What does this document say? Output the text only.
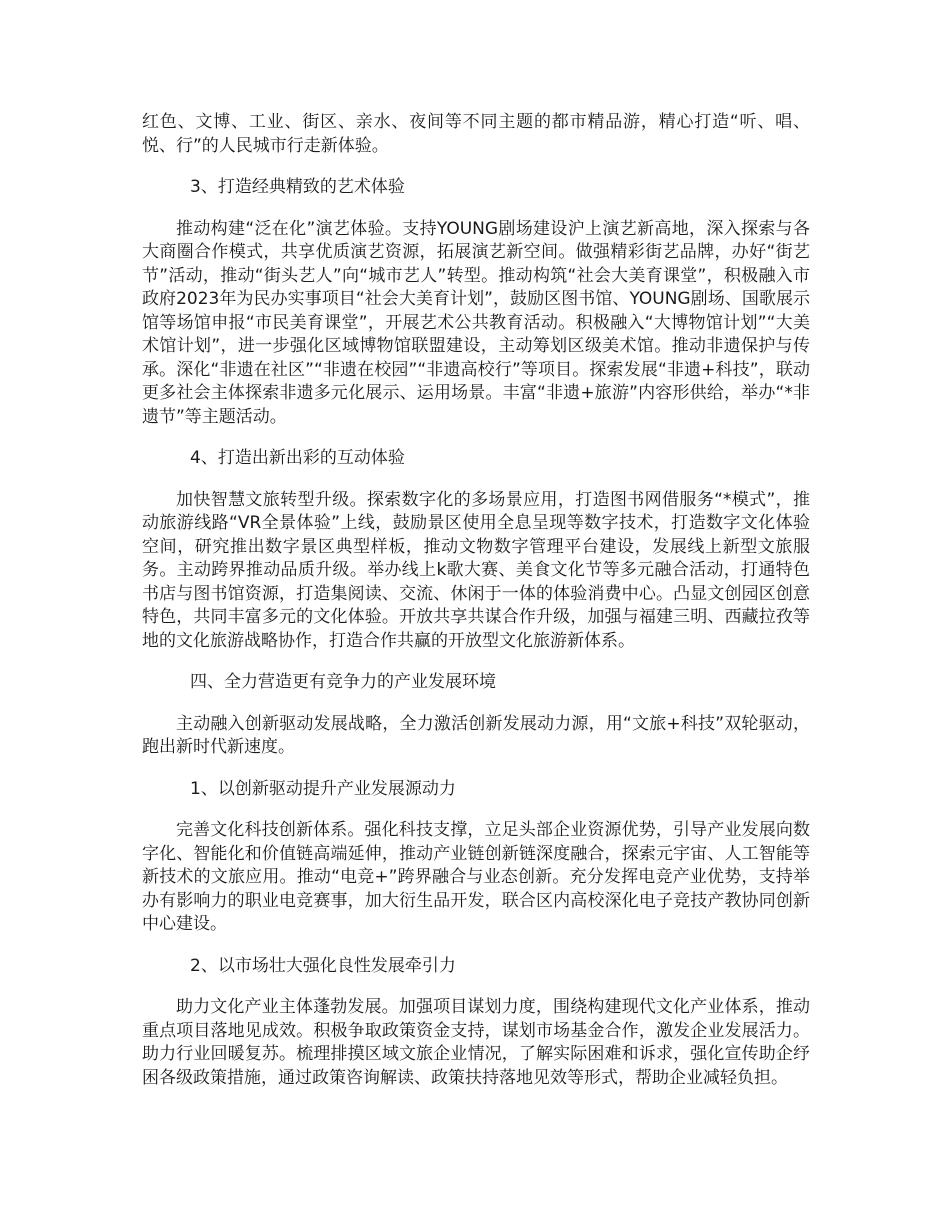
红色、文博、工业、街区、亲水、夜间等不同主题的都市精品游，精心打造“听、唱、悦、行”的人民城市行走新体验。

3、打造经典精致的艺术体验

推动构建“泛在化”演艺体验。支持YOUNG剧场建设沪上演艺新高地，深入探索与各大商圈合作模式，共享优质演艺资源，拓展演艺新空间。做强精彩街艺品牌，办好“街艺节”活动，推动“街头艺人”向“城市艺人”转型。推动构筑“社会大美育课堂”，积极融入市政府2023年为民办实事项目“社会大美育计划”，鼓励区图书馆、YOUNG剧场、国歌展示馆等场馆申报“市民美育课堂”，开展艺术公共教育活动。积极融入“大博物馆计划”“大美术馆计划”，进一步强化区域博物馆联盟建设，主动筹划区级美术馆。推动非遗保护与传承。深化“非遗在社区”“非遗在校园”“非遗高校行”等项目。探索发展“非遗+科技”，联动更多社会主体探索非遗多元化展示、运用场景。丰富“非遗+旅游”内容形供给，举办“*非遗节”等主题活动。

4、打造出新出彩的互动体验

加快智慧文旅转型升级。探索数字化的多场景应用，打造图书网借服务“*模式”，推动旅游线路“VR全景体验”上线，鼓励景区使用全息呈现等数字技术，打造数字文化体验空间，研究推出数字景区典型样板，推动文物数字管理平台建设，发展线上新型文旅服务。主动跨界推动品质升级。举办线上k歌大赛、美食文化节等多元融合活动，打通特色书店与图书馆资源，打造集阅读、交流、休闲于一体的体验消费中心。凸显文创园区创意特色，共同丰富多元的文化体验。开放共享共谋合作升级，加强与福建三明、西藏拉孜等地的文化旅游战略协作，打造合作共赢的开放型文化旅游新体系。

四、全力营造更有竞争力的产业发展环境

主动融入创新驱动发展战略，全力激活创新发展动力源，用“文旅+科技”双轮驱动，跑出新时代新速度。

1、以创新驱动提升产业发展源动力

完善文化科技创新体系。强化科技支撑，立足头部企业资源优势，引导产业发展向数字化、智能化和价值链高端延伸，推动产业链创新链深度融合，探索元宇宙、人工智能等新技术的文旅应用。推动“电竞+”跨界融合与业态创新。充分发挥电竞产业优势，支持举办有影响力的职业电竞赛事，加大衍生品开发，联合区内高校深化电子竞技产教协同创新中心建设。

2、以市场壮大强化良性发展牵引力

助力文化产业主体蓬勃发展。加强项目谋划力度，围绕构建现代文化产业体系，推动重点项目落地见成效。积极争取政策资金支持，谋划市场基金合作，激发企业发展活力。助力行业回暖复苏。梳理排摸区域文旅企业情况，了解实际困难和诉求，强化宣传助企纾困各级政策措施，通过政策咨询解读、政策扶持落地见效等形式，帮助企业减轻负担。
